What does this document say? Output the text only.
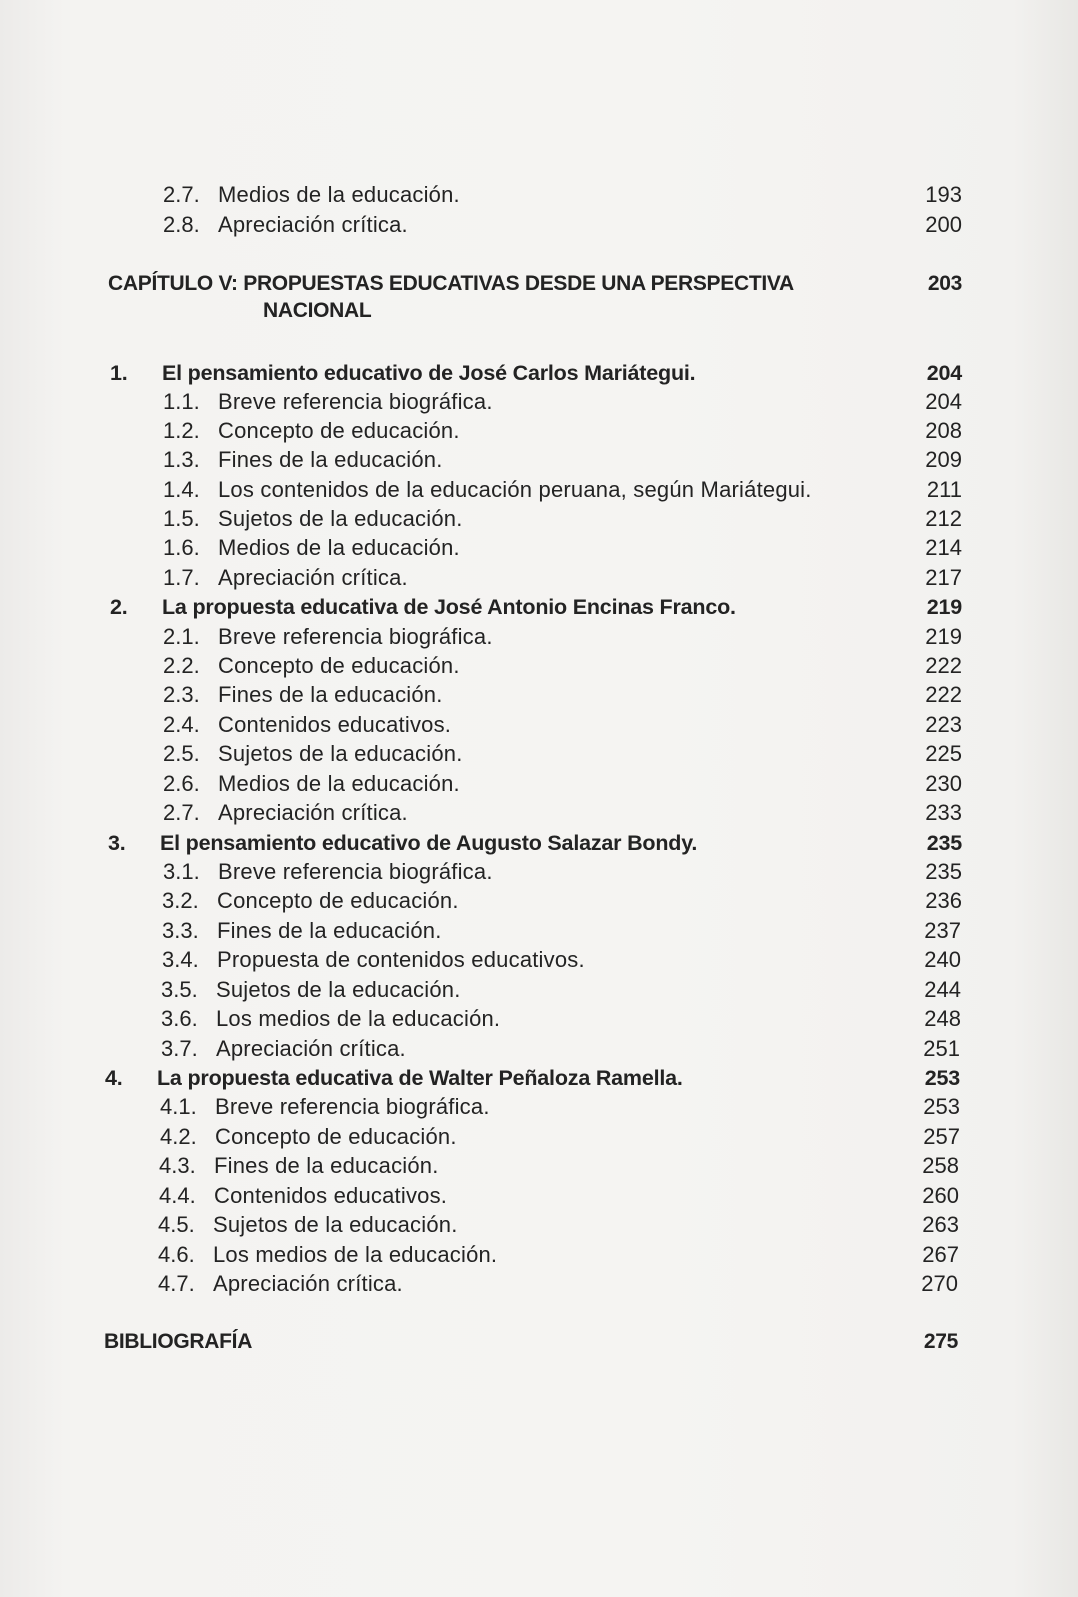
2.7. Medios de la educación.	193
2.8. Apreciación crítica.	200
CAPÍTULO V: PROPUESTAS EDUCATIVAS DESDE UNA PERSPECTIVA	203
NACIONAL
1. El pensamiento educativo de José Carlos Mariátegui.	204
1.1. Breve referencia biográfica.	204
1.2. Concepto de educación.	208
1.3. Fines de la educación.	209
1.4. Los contenidos de la educación peruana, según Mariátegui.	211
1.5. Sujetos de la educación.	212
1.6. Medios de la educación.	214
1.7. Apreciación crítica.	217
2. La propuesta educativa de José Antonio Encinas Franco.	219
2.1. Breve referencia biográfica.	219
2.2. Concepto de educación.	222
2.3. Fines de la educación.	222
2.4. Contenidos educativos.	223
2.5. Sujetos de la educación.	225
2.6. Medios de la educación.	230
2.7. Apreciación crítica.	233
3. El pensamiento educativo de Augusto Salazar Bondy.	235
3.1. Breve referencia biográfica.	235
3.2. Concepto de educación.	236
3.3. Fines de la educación.	237
3.4. Propuesta de contenidos educativos.	240
3.5. Sujetos de la educación.	244
3.6. Los medios de la educación.	248
3.7. Apreciación crítica.	251
4. La propuesta educativa de Walter Peñaloza Ramella.	253
4.1. Breve referencia biográfica.	253
4.2. Concepto de educación.	257
4.3. Fines de la educación.	258
4.4. Contenidos educativos.	260
4.5. Sujetos de la educación.	263
4.6. Los medios de la educación.	267
4.7. Apreciación crítica.	270
BIBLIOGRAFÍA	275
